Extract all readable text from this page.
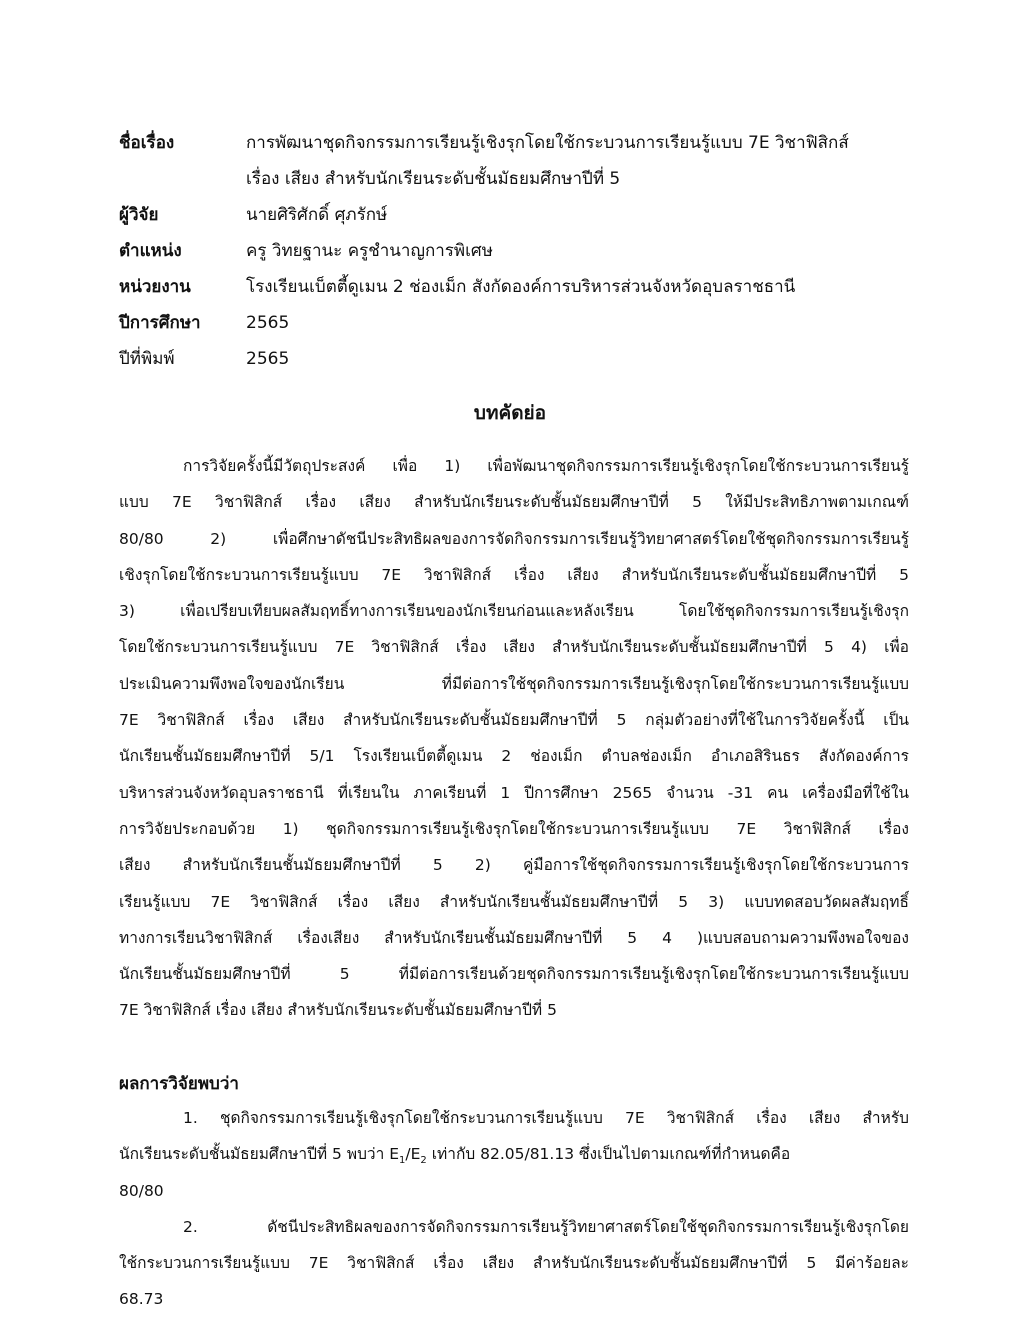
ชื่อเรื่อง	การพัฒนาชุดกิจกรรมการเรียนรู้เชิงรุกโดยใช้กระบวนการเรียนรู้แบบ 7E วิชาฟิสิกส์
เรื่อง เสียง สำหรับนักเรียนระดับชั้นมัธยมศึกษาปีที่ 5
ผู้วิจัย	นายศิริศักดิ์ ศุภรักษ์
ตำแหน่ง	ครู วิทยฐานะ ครูชำนาญการพิเศษ
หน่วยงาน	โรงเรียนเบ็ตตี้ดูเมน 2 ช่องเม็ก สังกัดองค์การบริหารส่วนจังหวัดอุบลราชธานี
ปีการศึกษา	2565
ปีที่พิมพ์	2565
บทคัดย่อ
การวิจัยครั้งนี้มีวัตถุประสงค์ เพื่อ 1) เพื่อพัฒนาชุดกิจกรรมการเรียนรู้เชิงรุกโดยใช้กระบวนการเรียนรู้
แบบ 7E วิชาฟิสิกส์ เรื่อง เสียง สำหรับนักเรียนระดับชั้นมัธยมศึกษาปีที่ 5 ให้มีประสิทธิภาพตามเกณฑ์
80/80 2) เพื่อศึกษาดัชนีประสิทธิผลของการจัดกิจกรรมการเรียนรู้วิทยาศาสตร์โดยใช้ชุดกิจกรรมการเรียนรู้
เชิงรุกโดยใช้กระบวนการเรียนรู้แบบ 7E วิชาฟิสิกส์ เรื่อง เสียง สำหรับนักเรียนระดับชั้นมัธยมศึกษาปีที่ 5
3) เพื่อเปรียบเทียบผลสัมฤทธิ์ทางการเรียนของนักเรียนก่อนและหลังเรียน โดยใช้ชุดกิจกรรมการเรียนรู้เชิงรุก
โดยใช้กระบวนการเรียนรู้แบบ 7E วิชาฟิสิกส์ เรื่อง เสียง สำหรับนักเรียนระดับชั้นมัธยมศึกษาปีที่ 5 4) เพื่อ
ประเมินความพึงพอใจของนักเรียน ที่มีต่อการใช้ชุดกิจกรรมการเรียนรู้เชิงรุกโดยใช้กระบวนการเรียนรู้แบบ
7E วิชาฟิสิกส์ เรื่อง เสียง สำหรับนักเรียนระดับชั้นมัธยมศึกษาปีที่ 5 กลุ่มตัวอย่างที่ใช้ในการวิจัยครั้งนี้ เป็น
นักเรียนชั้นมัธยมศึกษาปีที่ 5/1 โรงเรียนเบ็ตตี้ดูเมน 2 ช่องเม็ก ตำบลช่องเม็ก อำเภอสิรินธร สังกัดองค์การ
บริหารส่วนจังหวัดอุบลราชธานี ที่เรียนใน ภาคเรียนที่ 1 ปีการศึกษา 2565 จำนวน -31 คน เครื่องมือที่ใช้ใน
การวิจัยประกอบด้วย 1) ชุดกิจกรรมการเรียนรู้เชิงรุกโดยใช้กระบวนการเรียนรู้แบบ 7E วิชาฟิสิกส์ เรื่อง
เสียง สำหรับนักเรียนชั้นมัธยมศึกษาปีที่ 5 2) คู่มือการใช้ชุดกิจกรรมการเรียนรู้เชิงรุกโดยใช้กระบวนการ
เรียนรู้แบบ 7E วิชาฟิสิกส์ เรื่อง เสียง สำหรับนักเรียนชั้นมัธยมศึกษาปีที่ 5 3) แบบทดสอบวัดผลสัมฤทธิ์
ทางการเรียนวิชาฟิสิกส์ เรื่องเสียง สำหรับนักเรียนชั้นมัธยมศึกษาปีที่ 5 4 )แบบสอบถามความพึงพอใจของ
นักเรียนชั้นมัธยมศึกษาปีที่ 5 ที่มีต่อการเรียนด้วยชุดกิจกรรมการเรียนรู้เชิงรุกโดยใช้กระบวนการเรียนรู้แบบ
7E วิชาฟิสิกส์ เรื่อง เสียง สำหรับนักเรียนระดับชั้นมัธยมศึกษาปีที่ 5
ผลการวิจัยพบว่า
1. ชุดกิจกรรมการเรียนรู้เชิงรุกโดยใช้กระบวนการเรียนรู้แบบ 7E วิชาฟิสิกส์ เรื่อง เสียง สำหรับ
นักเรียนระดับชั้นมัธยมศึกษาปีที่ 5 พบว่า $E_1/E_2$ เท่ากับ 82.05/81.13 ซึ่งเป็นไปตามเกณฑ์ที่กำหนดคือ
80/80
2. ดัชนีประสิทธิผลของการจัดกิจกรรมการเรียนรู้วิทยาศาสตร์โดยใช้ชุดกิจกรรมการเรียนรู้เชิงรุกโดย
ใช้กระบวนการเรียนรู้แบบ 7E วิชาฟิสิกส์ เรื่อง เสียง สำหรับนักเรียนระดับชั้นมัธยมศึกษาปีที่ 5 มีค่าร้อยละ
68.73
